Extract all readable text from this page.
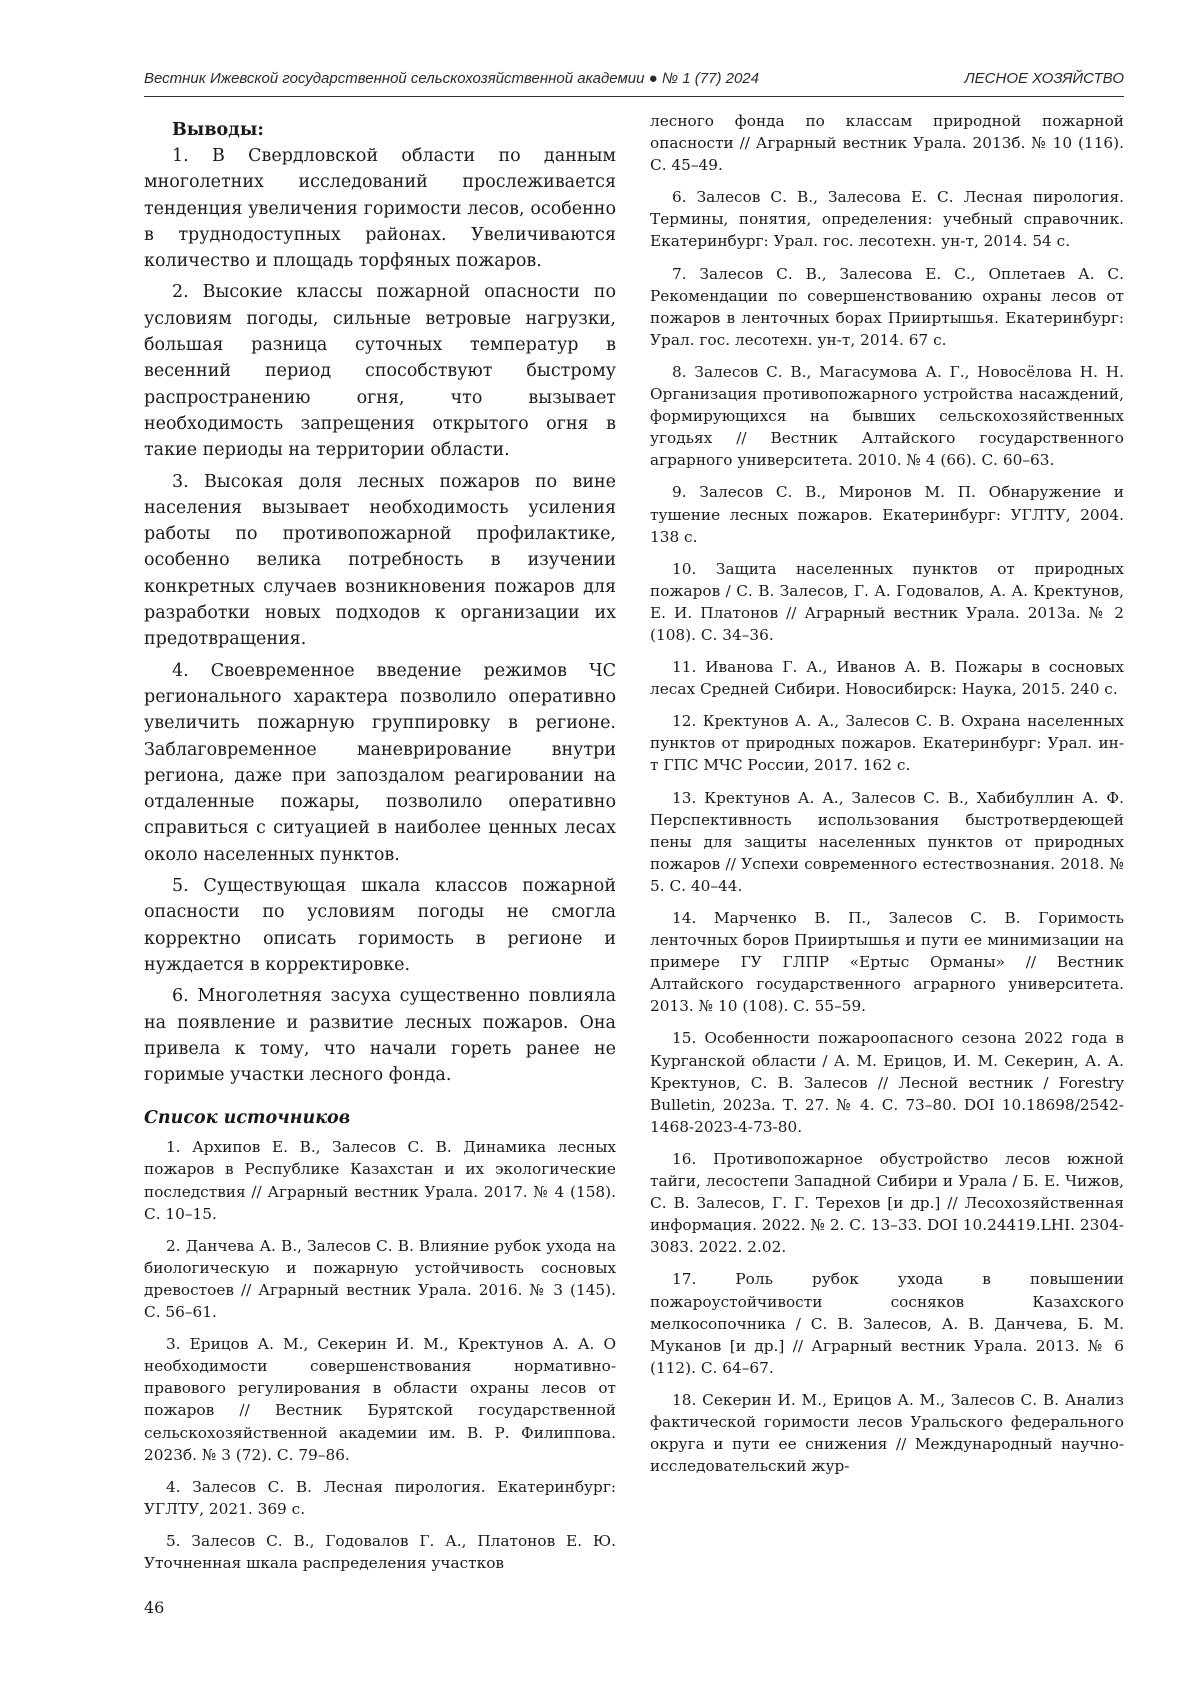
Вестник Ижевской государственной сельскохозяйственной академии ● № 1 (77) 2024	ЛЕСНОЕ ХОЗЯЙСТВО
Выводы:

1. В Свердловской области по данным многолетних исследований прослеживается тенденция увеличения горимости лесов, особенно в труднодоступных районах. Увеличиваются количество и площадь торфяных пожаров.

2. Высокие классы пожарной опасности по условиям погоды, сильные ветровые нагрузки, большая разница суточных температур в весенний период способствуют быстрому распространению огня, что вызывает необходимость запрещения открытого огня в такие периоды на территории области.

3. Высокая доля лесных пожаров по вине населения вызывает необходимость усиления работы по противопожарной профилактике, особенно велика потребность в изучении конкретных случаев возникновения пожаров для разработки новых подходов к организации их предотвращения.

4. Своевременное введение режимов ЧС регионального характера позволило оперативно увеличить пожарную группировку в регионе. Заблаговременное маневрирование внутри региона, даже при запоздалом реагировании на отдаленные пожары, позволило оперативно справиться с ситуацией в наиболее ценных лесах около населенных пунктов.

5. Существующая шкала классов пожарной опасности по условиям погоды не смогла корректно описать горимость в регионе и нуждается в корректировке.

6. Многолетняя засуха существенно повлияла на появление и развитие лесных пожаров. Она привела к тому, что начали гореть ранее не горимые участки лесного фонда.

Список источников

1. Архипов Е. В., Залесов С. В. Динамика лесных пожаров в Республике Казахстан и их экологические последствия // Аграрный вестник Урала. 2017. № 4 (158). С. 10–15.

2. Данчева А. В., Залесов С. В. Влияние рубок ухода на биологическую и пожарную устойчивость сосновых древостоев // Аграрный вестник Урала. 2016. № 3 (145). С. 56–61.

3. Ерицов А. М., Секерин И. М., Кректунов А. А. О необходимости совершенствования нормативно-правового регулирования в области охраны лесов от пожаров // Вестник Бурятской государственной сельскохозяйственной академии им. В. Р. Филиппова. 2023б. № 3 (72). С. 79–86.

4. Залесов С. В. Лесная пирология. Екатеринбург: УГЛТУ, 2021. 369 с.

5. Залесов С. В., Годовалов Г. А., Платонов Е. Ю. Уточненная шкала распределения участков

лесного фонда по классам природной пожарной опасности // Аграрный вестник Урала. 2013б. № 10 (116). С. 45–49.

6. Залесов С. В., Залесова Е. С. Лесная пирология. Термины, понятия, определения: учебный справочник. Екатеринбург: Урал. гос. лесотехн. ун-т, 2014. 54 с.

7. Залесов С. В., Залесова Е. С., Оплетаев А. С. Рекомендации по совершенствованию охраны лесов от пожаров в ленточных борах Прииртышья. Екатеринбург: Урал. гос. лесотехн. ун-т, 2014. 67 с.

8. Залесов С. В., Магасумова А. Г., Новосёлова Н. Н. Организация противопожарного устройства насаждений, формирующихся на бывших сельскохозяйственных угодьях // Вестник Алтайского государственного аграрного университета. 2010. № 4 (66). С. 60–63.

9. Залесов С. В., Миронов М. П. Обнаружение и тушение лесных пожаров. Екатеринбург: УГЛТУ, 2004. 138 с.

10. Защита населенных пунктов от природных пожаров / С. В. Залесов, Г. А. Годовалов, А. А. Кректунов, Е. И. Платонов // Аграрный вестник Урала. 2013а. № 2 (108). С. 34–36.

11. Иванова Г. А., Иванов А. В. Пожары в сосновых лесах Средней Сибири. Новосибирск: Наука, 2015. 240 с.

12. Кректунов А. А., Залесов С. В. Охрана населенных пунктов от природных пожаров. Екатеринбург: Урал. ин-т ГПС МЧС России, 2017. 162 с.

13. Кректунов А. А., Залесов С. В., Хабибуллин А. Ф. Перспективность использования быстротвердеющей пены для защиты населенных пунктов от природных пожаров // Успехи современного естествознания. 2018. № 5. С. 40–44.

14. Марченко В. П., Залесов С. В. Горимость ленточных боров Прииртышья и пути ее минимизации на примере ГУ ГЛПР «Ертыс Орманы» // Вестник Алтайского государственного аграрного университета. 2013. № 10 (108). С. 55–59.

15. Особенности пожароопасного сезона 2022 года в Курганской области / А. М. Ерицов, И. М. Секерин, А. А. Кректунов, С. В. Залесов // Лесной вестник / Forestry Bulletin, 2023а. Т. 27. № 4. С. 73–80. DOI 10.18698/2542-1468-2023-4-73-80.

16. Противопожарное обустройство лесов южной тайги, лесостепи Западной Сибири и Урала / Б. Е. Чижов, С. В. Залесов, Г. Г. Терехов [и др.] // Лесохозяйственная информация. 2022. № 2. С. 13–33. DOI 10.24419.LHI. 2304-3083. 2022. 2.02.

17. Роль рубок ухода в повышении пожароустойчивости сосняков Казахского мелкосопочника / С. В. Залесов, А. В. Данчева, Б. М. Муканов [и др.] // Аграрный вестник Урала. 2013. № 6 (112). С. 64–67.

18. Секерин И. М., Ерицов А. М., Залесов С. В. Анализ фактической горимости лесов Уральского федерального округа и пути ее снижения // Международный научно-исследовательский жур-

46
